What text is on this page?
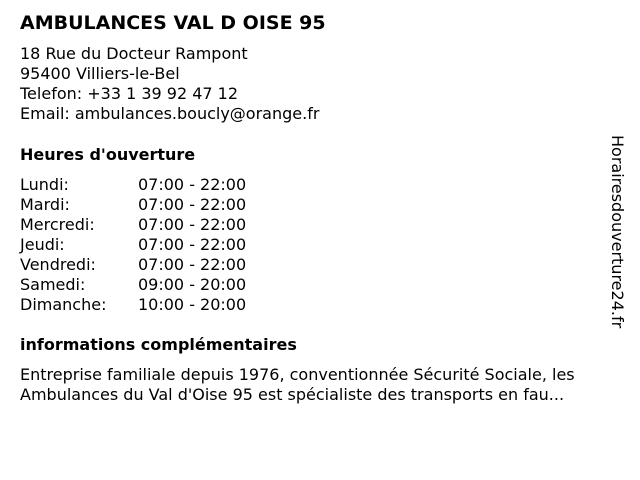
AMBULANCES VAL D OISE 95
18 Rue du Docteur Rampont
95400 Villiers-le-Bel
Telefon: +33 1 39 92 47 12
Email: ambulances.boucly@orange.fr
Heures d'ouverture
Lundi:	07:00 - 22:00
Mardi:	07:00 - 22:00
Mercredi:	07:00 - 22:00
Jeudi:	07:00 - 22:00
Vendredi:	07:00 - 22:00
Samedi:	09:00 - 20:00
Dimanche: 10:00 - 20:00
informations complémentaires
Entreprise familiale depuis 1976, conventionnée Sécurité Sociale, les Ambulances du Val d'Oise 95 est spécialiste des transports en fau...
Horairesdouverture24.fr
